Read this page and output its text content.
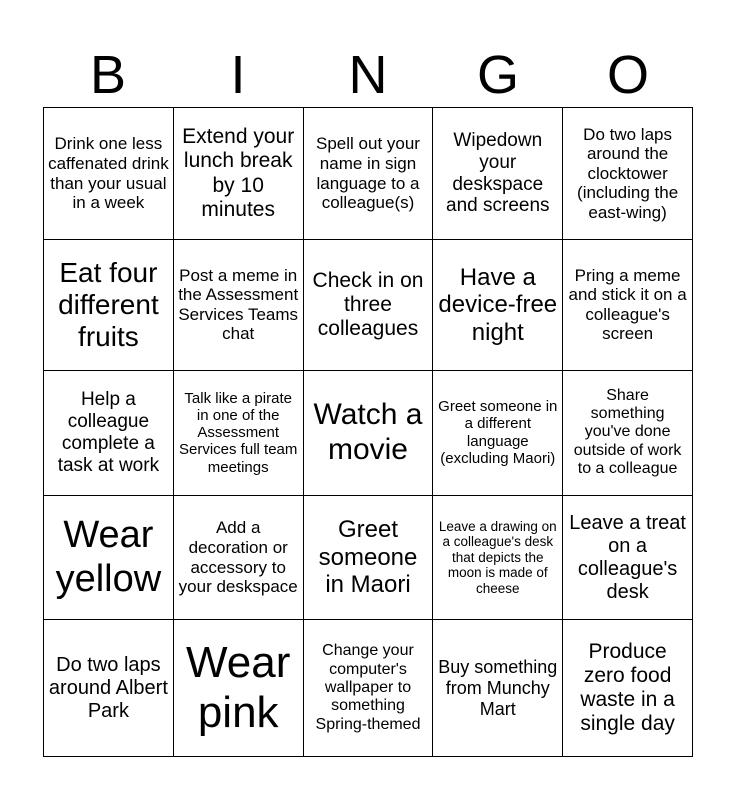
B	I	N	G	O
Drink one less caffenated drink than your usual in a week	Extend your lunch break by 10 minutes	Spell out your name in sign language to a colleague(s)	Wipedown your deskspace and screens	Do two laps around the clocktower (including the east-wing)
Eat four different fruits	Post a meme in the Assessment Services Teams chat	Check in on three colleagues	Have a device-free night	Pring a meme and stick it on a colleague's screen
Help a colleague complete a task at work	Talk like a pirate in one of the Assessment Services full team meetings	Watch a movie	Greet someone in a different language (excluding Maori)	Share something you've done outside of work to a colleague
Wear yellow	Add a decoration or accessory to your deskspace	Greet someone in Maori	Leave a drawing on a colleague's desk that depicts the moon is made of cheese	Leave a treat on a colleague's desk
Do two laps around Albert Park	Wear pink	Change your computer's wallpaper to something Spring-themed	Buy something from Munchy Mart	Produce zero food waste in a single day
